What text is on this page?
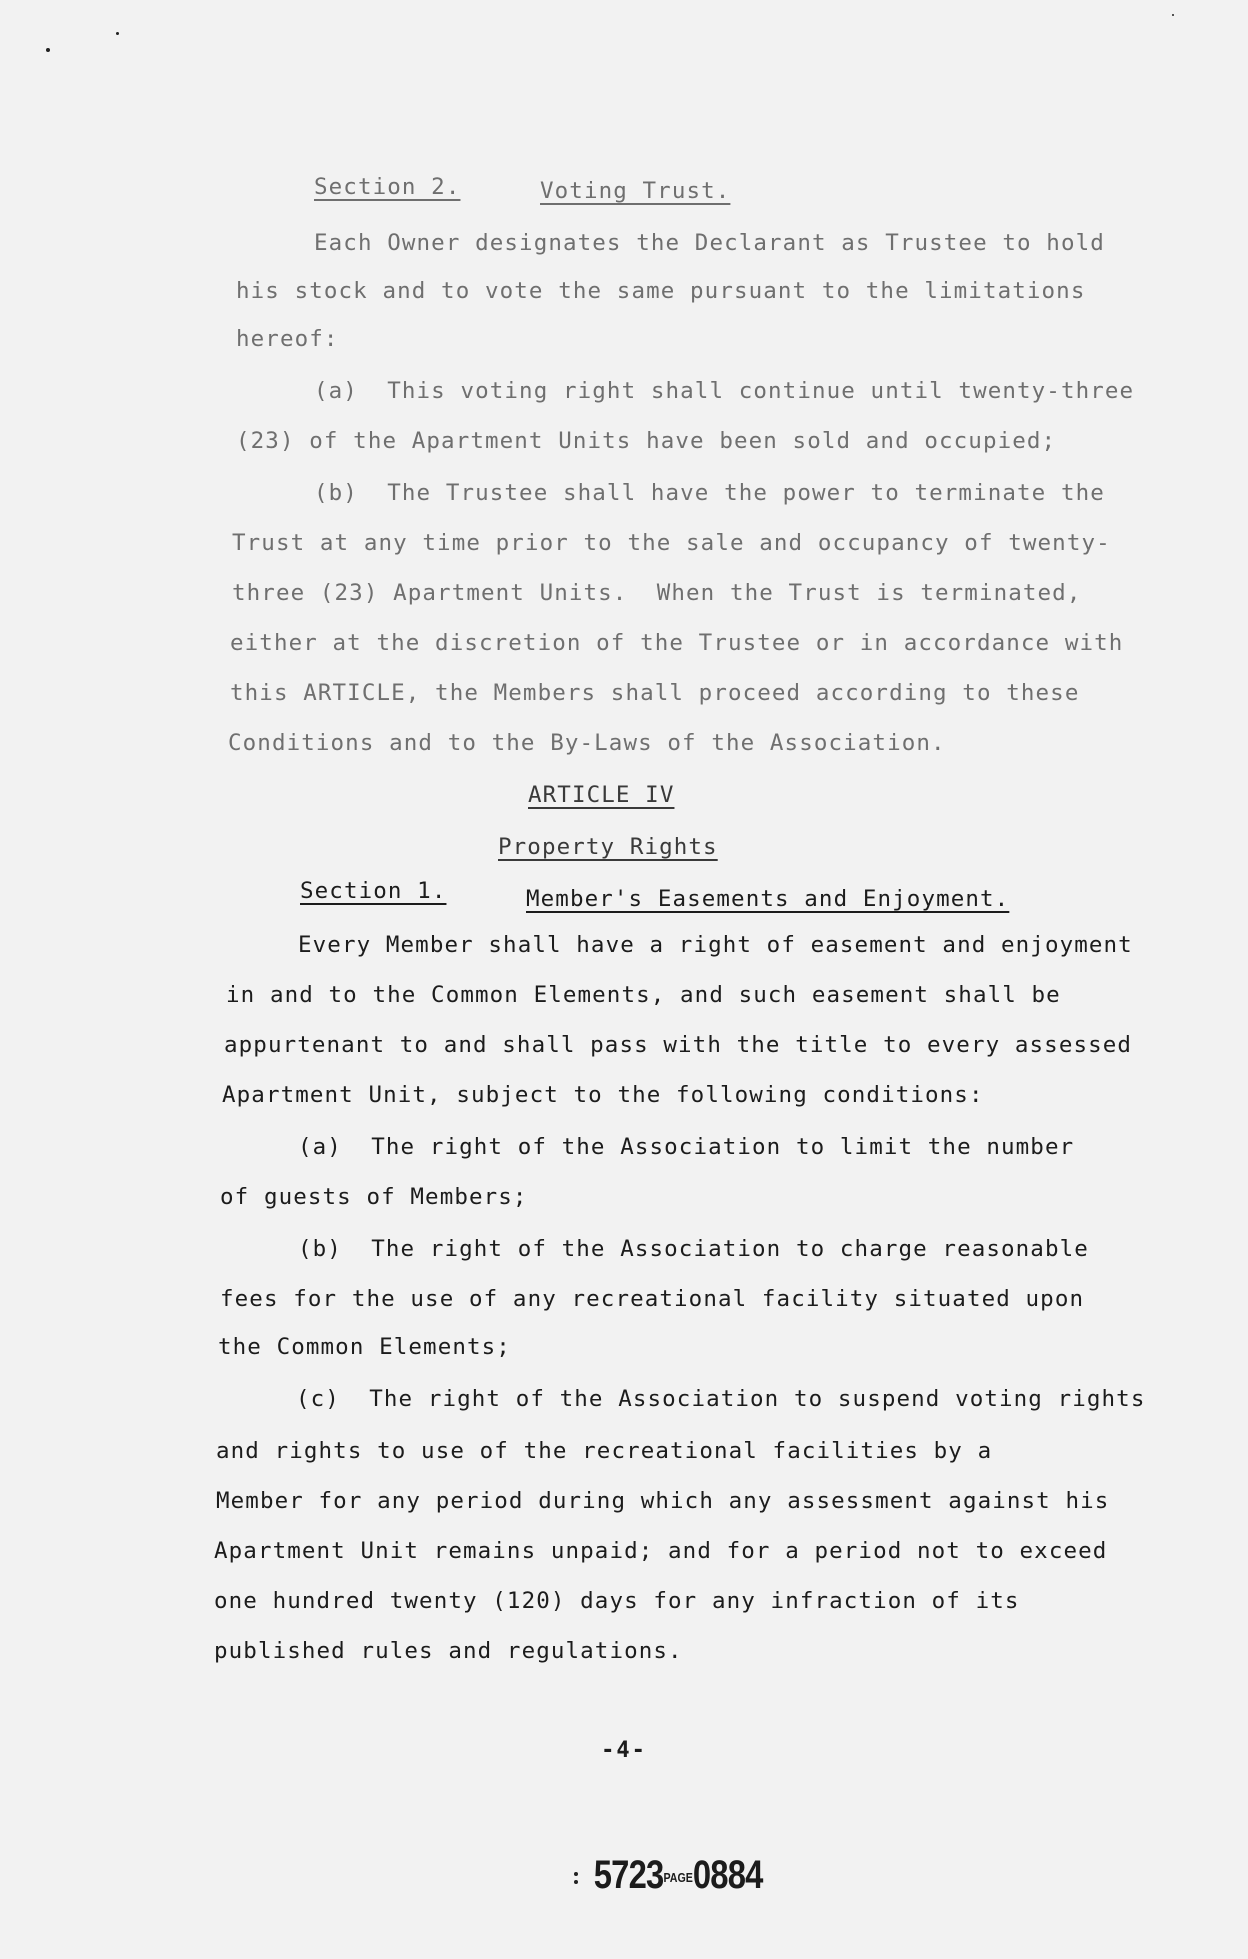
Section 2.	Voting Trust.
Each Owner designates the Declarant as Trustee to hold
his stock and to vote the same pursuant to the limitations
hereof:
(a)  This voting right shall continue until twenty-three
(23) of the Apartment Units have been sold and occupied;
(b)  The Trustee shall have the power to terminate the
Trust at any time prior to the sale and occupancy of twenty-
three (23) Apartment Units.  When the Trust is terminated,
either at the discretion of the Trustee or in accordance with
this ARTICLE, the Members shall proceed according to these
Conditions and to the By-Laws of the Association.
ARTICLE IV
Property Rights
Section 1.	Member's Easements and Enjoyment.
Every Member shall have a right of easement and enjoyment
in and to the Common Elements, and such easement shall be
appurtenant to and shall pass with the title to every assessed
Apartment Unit, subject to the following conditions:
(a)  The right of the Association to limit the number
of guests of Members;
(b)  The right of the Association to charge reasonable
fees for the use of any recreational facility situated upon
the Common Elements;
(c)  The right of the Association to suspend voting rights
and rights to use of the recreational facilities by a
Member for any period during which any assessment against his
Apartment Unit remains unpaid; and for a period not to exceed
one hundred twenty (120) days for any infraction of its
published rules and regulations.
-4-

5723PAGE0884
